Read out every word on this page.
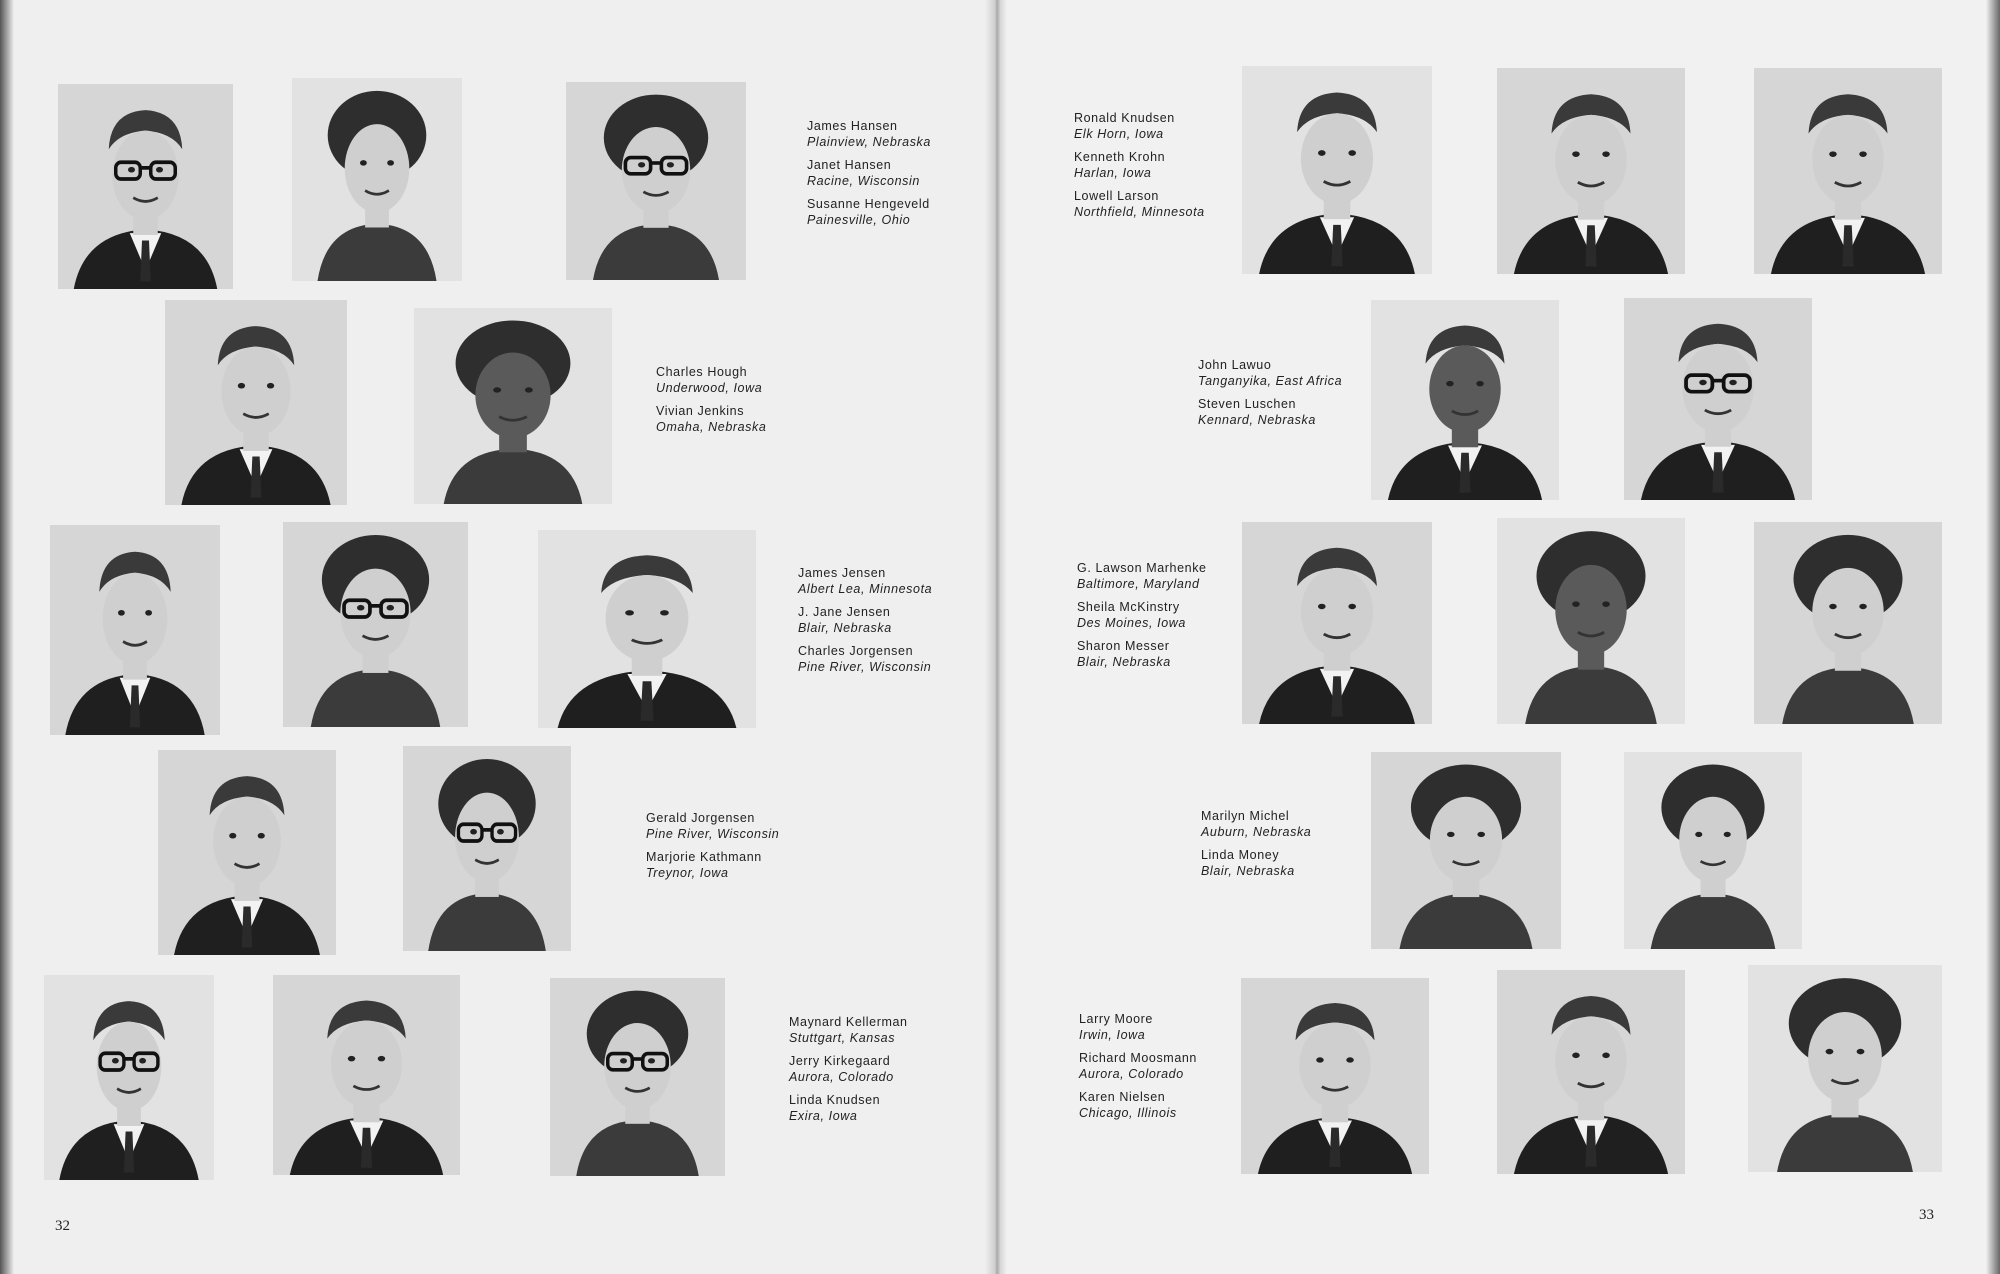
James Hansen
Plainview, Nebraska
Janet Hansen
Racine, Wisconsin
Susanne Hengeveld
Painesville, Ohio
Charles Hough
Underwood, Iowa
Vivian Jenkins
Omaha, Nebraska
James Jensen
Albert Lea, Minnesota
J. Jane Jensen
Blair, Nebraska
Charles Jorgensen
Pine River, Wisconsin
Gerald Jorgensen
Pine River, Wisconsin
Marjorie Kathmann
Treynor, Iowa
Maynard Kellerman
Stuttgart, Kansas
Jerry Kirkegaard
Aurora, Colorado
Linda Knudsen
Exira, Iowa
Ronald Knudsen
Elk Horn, Iowa
Kenneth Krohn
Harlan, Iowa
Lowell Larson
Northfield, Minnesota
John Lawuo
Tanganyika, East Africa
Steven Luschen
Kennard, Nebraska
G. Lawson Marhenke
Baltimore, Maryland
Sheila McKinstry
Des Moines, Iowa
Sharon Messer
Blair, Nebraska
Marilyn Michel
Auburn, Nebraska
Linda Money
Blair, Nebraska
Larry Moore
Irwin, Iowa
Richard Moosmann
Aurora, Colorado
Karen Nielsen
Chicago, Illinois
32
33
